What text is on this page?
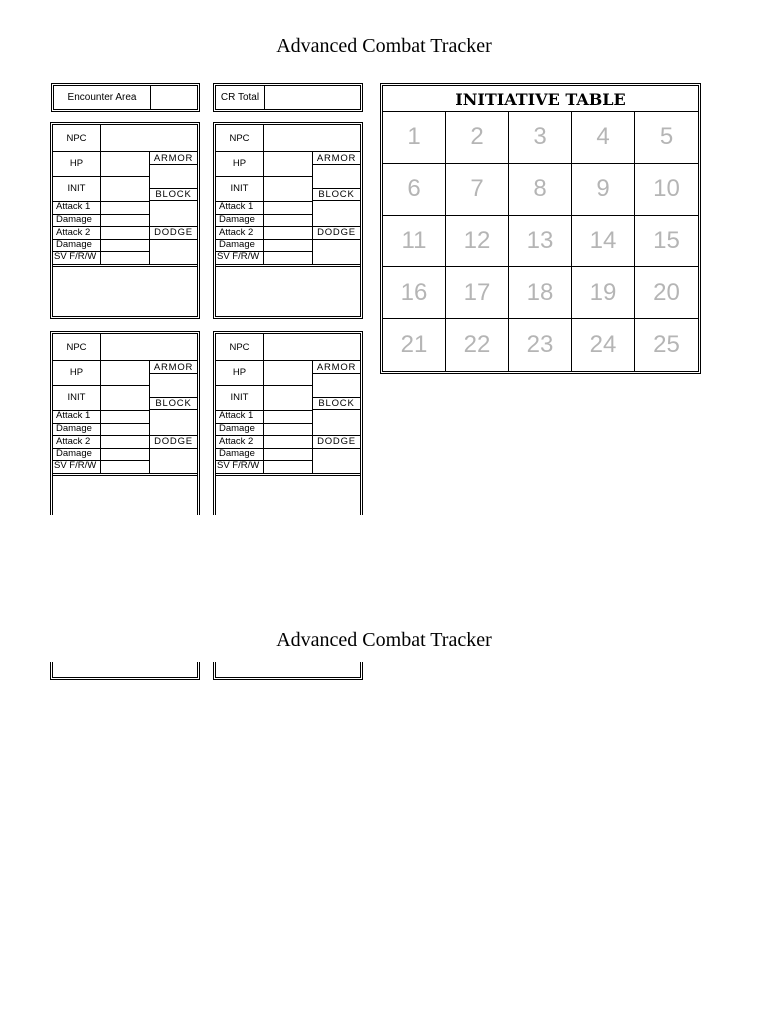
Advanced Combat Tracker
Encounter Area	CR Total
NPC
HP	ARMOR
INIT
BLOCK
Attack 1
Damage
Attack 2	DODGE
Damage
SV F/R/W
NPC
HP	ARMOR
INIT
BLOCK
Attack 1
Damage
Attack 2	DODGE
Damage
SV F/R/W
NPC
HP	ARMOR
INIT
BLOCK
Attack 1
Damage
Attack 2	DODGE
Damage
SV F/R/W
NPC
HP	ARMOR
INIT
BLOCK
Attack 1
Damage
Attack 2	DODGE
Damage
SV F/R/W
INITIATIVE TABLE
1	2	3	4	5
6	7	8	9	10
11	12	13	14	15
16	17	18	19	20
21	22	23	24	25
Advanced Combat Tracker
